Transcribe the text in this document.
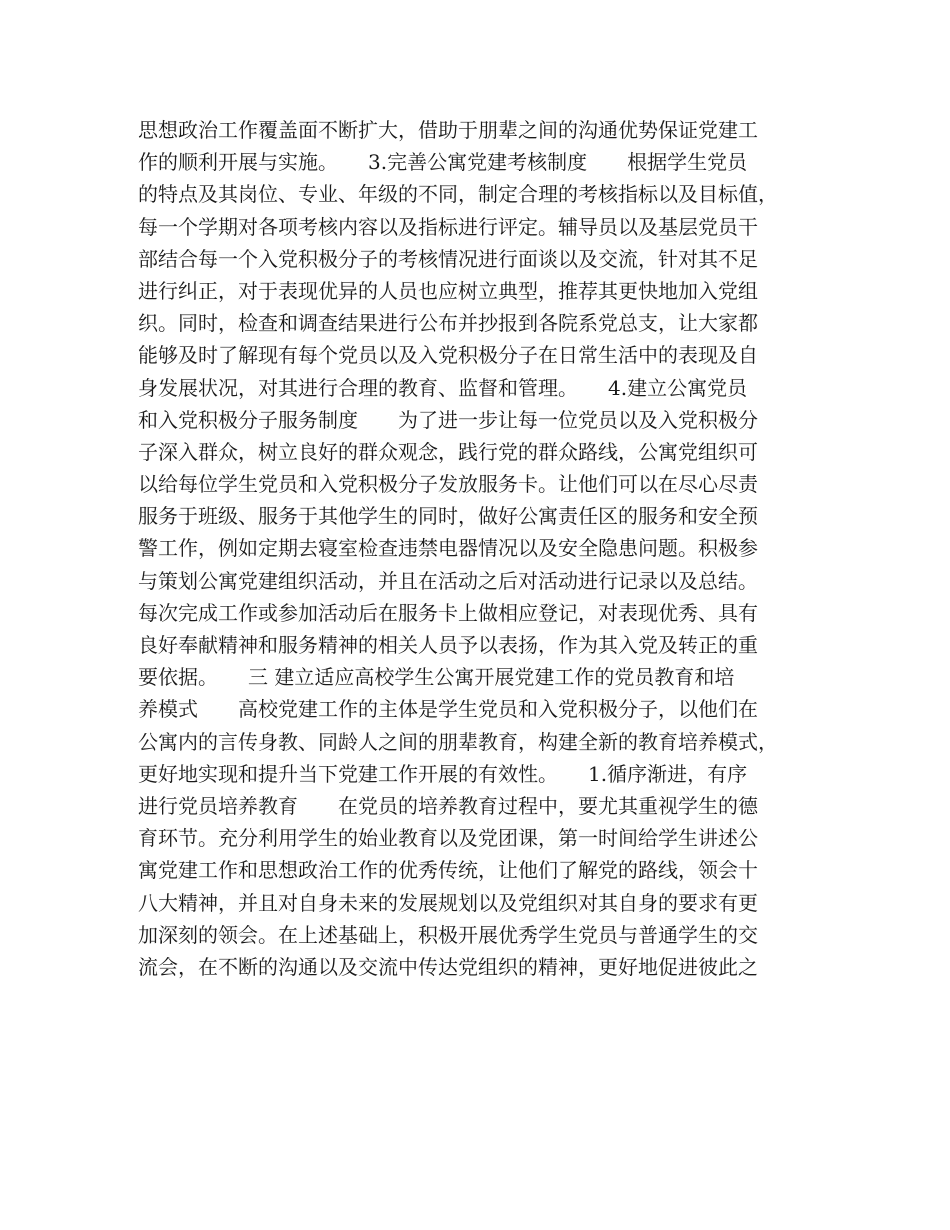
思想政治工作覆盖面不断扩大，借助于朋辈之间的沟通优势保证党建工
作的顺利开展与实施。　　3.完善公寓党建考核制度　　根据学生党员
的特点及其岗位、专业、年级的不同，制定合理的考核指标以及目标值，
每一个学期对各项考核内容以及指标进行评定。辅导员以及基层党员干
部结合每一个入党积极分子的考核情况进行面谈以及交流，针对其不足
进行纠正，对于表现优异的人员也应树立典型，推荐其更快地加入党组
织。同时，检查和调查结果进行公布并抄报到各院系党总支，让大家都
能够及时了解现有每个党员以及入党积极分子在日常生活中的表现及自
身发展状况，对其进行合理的教育、监督和管理。　　4.建立公寓党员
和入党积极分子服务制度　　为了进一步让每一位党员以及入党积极分
子深入群众，树立良好的群众观念，践行党的群众路线，公寓党组织可
以给每位学生党员和入党积极分子发放服务卡。让他们可以在尽心尽责
服务于班级、服务于其他学生的同时，做好公寓责任区的服务和安全预
警工作，例如定期去寝室检查违禁电器情况以及安全隐患问题。积极参
与策划公寓党建组织活动，并且在活动之后对活动进行记录以及总结。
每次完成工作或参加活动后在服务卡上做相应登记，对表现优秀、具有
良好奉献精神和服务精神的相关人员予以表扬，作为其入党及转正的重
要依据。　　三 建立适应高校学生公寓开展党建工作的党员教育和培
养模式　　高校党建工作的主体是学生党员和入党积极分子，以他们在
公寓内的言传身教、同龄人之间的朋辈教育，构建全新的教育培养模式，
更好地实现和提升当下党建工作开展的有效性。　　1.循序渐进，有序
进行党员培养教育　　在党员的培养教育过程中，要尤其重视学生的德
育环节。充分利用学生的始业教育以及党团课，第一时间给学生讲述公
寓党建工作和思想政治工作的优秀传统，让他们了解党的路线，领会十
八大精神，并且对自身未来的发展规划以及党组织对其自身的要求有更
加深刻的领会。在上述基础上，积极开展优秀学生党员与普通学生的交
流会，在不断的沟通以及交流中传达党组织的精神，更好地促进彼此之
